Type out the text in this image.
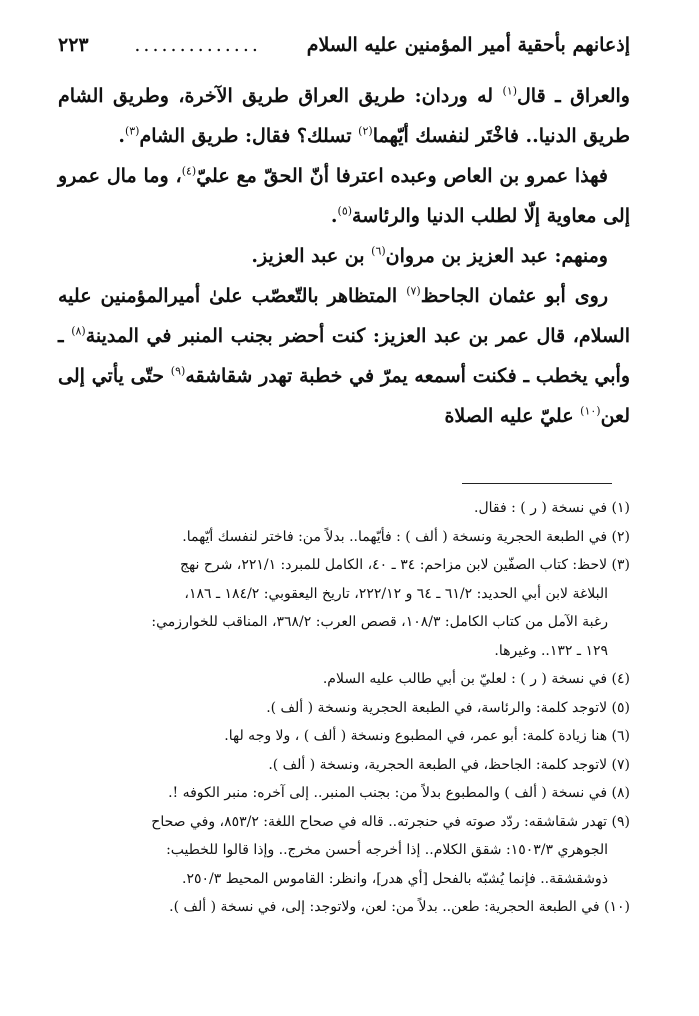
إذعانهم بأحقية أمير المؤمنين عليه السلام
..............
٢٢٣

والعراق ـ قال$^{(١)}$ له وردان: طريق العراق طريق الآخرة، وطريق الشام طريق الدنيا.. فاخْتَر لنفسك أيّهما$^{(٢)}$ تسلك؟ فقال: طريق الشام$^{(٣)}$.

فهذا عمرو بن العاص وعبده اعترفا أنّ الحقّ مع عليّ$^{(٤)}$، وما مال عمرو إلى معاوية إلّا لطلب الدنيا والرئاسة$^{(٥)}$.

ومنهم: عبد العزيز بن مروان$^{(٦)}$ بن عبد العزيز.

روى أبو عثمان الجاحظ$^{(٧)}$ المتظاهر بالتّعصّب علىٰ أميرالمؤمنين عليه السلام، قال عمر بن عبد العزيز: كنت أحضر بجنب المنبر في المدينة$^{(٨)}$ ـ وأبي يخطب ـ فكنت أسمعه يمرّ في خطبة تهدر شقاشقه$^{(٩)}$ حتّى يأتي إلى لعن$^{(١٠)}$ عليّ عليه الصلاة

(١) في نسخة ( ر ) : فقال.
(٢) في الطبعة الحجرية ونسخة ( ألف ) : فأيّهما.. بدلاً من: فاختر لنفسك أيّهما.
(٣) لاحظ: كتاب الصفّين لابن مزاحم: ٣٤ ـ ٤٠، الكامل للمبرد: ٢٢١/١، شرح نهج
البلاغة لابن أبي الحديد: ٦١/٢ ـ ٦٤ و ٢٢٢/١٢، تاريخ اليعقوبي: ١٨٤/٢ ـ ١٨٦،
رغبة الآمل من كتاب الكامل: ١٠٨/٣، قصص العرب: ٣٦٨/٢، المناقب للخوارزمي:
١٢٩ ـ ١٣٢.. وغيرها.
(٤) في نسخة ( ر ) : لعليّ بن أبي طالب عليه السلام.
(٥) لاتوجد كلمة: والرئاسة، في الطبعة الحجرية ونسخة ( ألف ).
(٦) هنا زيادة كلمة: أبو عمر، في المطبوع ونسخة ( ألف ) ، ولا وجه لها.
(٧) لاتوجد كلمة: الجاحظ، في الطبعة الحجرية، ونسخة ( ألف ).
(٨) في نسخة ( ألف ) والمطبوع بدلاً من: بجنب المنبر.. إلى آخره: منبر الكوفه !.
(٩) تهدر شقاشقه: ردّد صوته في حنجرته.. قاله في صحاح اللغة: ٨٥٣/٢، وفي صحاح
الجوهري ١٥٠٣/٣: شقق الكلام.. إذا أخرجه أحسن مخرج.. وإذا قالوا للخطيب:
ذوشقشقة.. فإنما يُشبّه بالفحل [أي هدر]، وانظر: القاموس المحيط ٢٥٠/٣.
(١٠) في الطبعة الحجرية: طعن.. بدلاً من: لعن، ولاتوجد: إلى، في نسخة ( ألف ).
